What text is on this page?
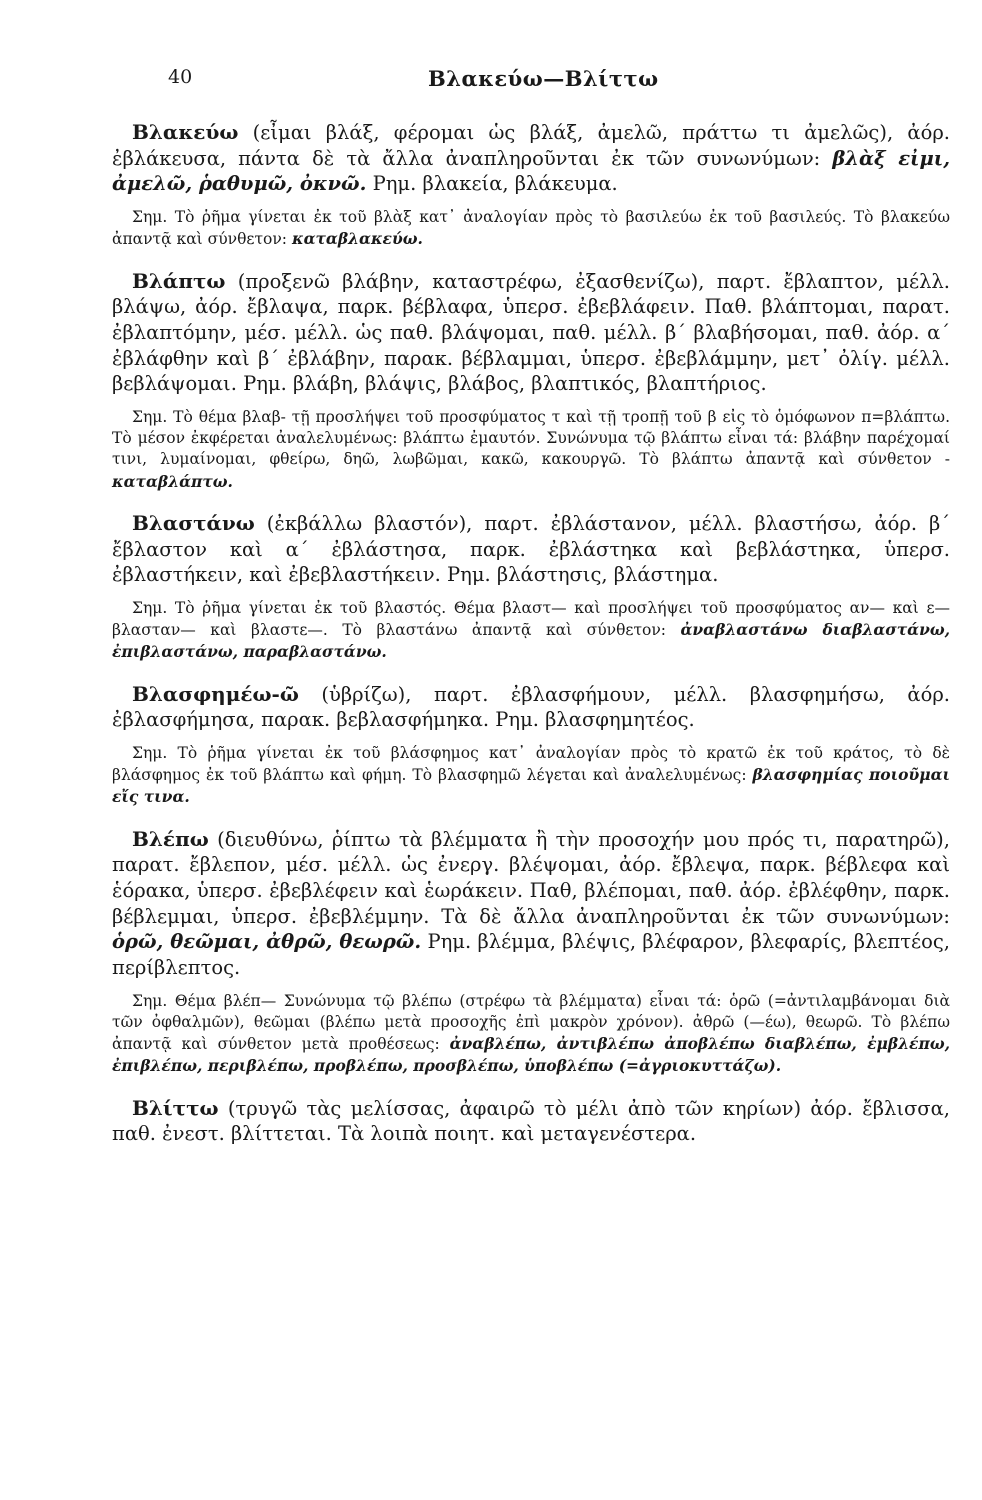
40	Βλακεύω—Βλίττω

Βλακεύω (εἶμαι βλάξ, φέρομαι ὡς βλάξ, ἀμελῶ, πράττω τι ἀμελῶς), ἀόρ. ἐβλάκευσα, πάντα δὲ τὰ ἄλλα ἀναπληροῦνται ἐκ τῶν συνωνύμων: βλὰξ εἰμι, ἀμελῶ, ῥαθυμῶ, ὀκνῶ. Ρημ. βλακεία, βλάκευμα.

Σημ. Τὸ ῥῆμα γίνεται ἐκ τοῦ βλὰξ κατ᾽ ἀναλογίαν πρὸς τὸ βασιλεύω ἐκ τοῦ βασιλεύς. Τὸ βλακεύω ἀπαντᾷ καὶ σύνθετον: καταβλακεύω.

Βλάπτω (προξενῶ βλάβην, καταστρέφω, ἐξασθενίζω), παρτ. ἔβλαπτον, μέλλ. βλάψω, ἀόρ. ἔβλαψα, παρκ. βέβλαφα, ὑπερσ. ἐβεβλάφειν. Παθ. βλάπτομαι, παρατ. ἐβλαπτόμην, μέσ. μέλλ. ὡς παθ. βλάψομαι, παθ. μέλλ. β´ βλαβήσομαι, παθ. ἀόρ. α´ ἐβλάφθην καὶ β´ ἐβλάβην, παρακ. βέβλαμμαι, ὑπερσ. ἐβεβλάμμην, μετ᾽ ὀλίγ. μέλλ. βεβλάψομαι. Ρημ. βλάβη, βλάψις, βλάβος, βλαπτικός, βλαπτήριος.

Σημ. Τὸ θέμα βλαβ- τῇ προσλήψει τοῦ προσφύματος τ καὶ τῇ τροπῇ τοῦ β εἰς τὸ ὁμόφωνον π=βλάπτω. Τὸ μέσον ἐκφέρεται ἀναλελυμένως: βλάπτω ἐμαυτόν. Συνώνυμα τῷ βλάπτω εἶναι τά: βλάβην παρέχομαί τινι, λυμαίνομαι, φθείρω, δηῶ, λωβῶμαι, κακῶ, κακουργῶ. Τὸ βλάπτω ἀπαντᾷ καὶ σύνθετον - καταβλάπτω.

Βλαστάνω (ἐκβάλλω βλαστόν), παρτ. ἐβλάστανον, μέλλ. βλαστήσω, ἀόρ. β´ ἔβλαστον καὶ α´ ἐβλάστησα, παρκ. ἐβλάστηκα καὶ βεβλάστηκα, ὑπερσ. ἐβλαστήκειν, καὶ ἐβεβλαστήκειν. Ρημ. βλάστησις, βλάστημα.

Σημ. Τὸ ῥῆμα γίνεται ἐκ τοῦ βλαστός. Θέμα βλαστ— καὶ προσλήψει τοῦ προσφύματος αν— καὶ ε— βλασταν— καὶ βλαστε—. Τὸ βλαστάνω ἀπαντᾷ καὶ σύνθετον: ἀναβλαστάνω διαβλαστάνω, ἐπιβλαστάνω, παραβλαστάνω.

Βλασφημέω-ῶ (ὑβρίζω), παρτ. ἐβλασφήμουν, μέλλ. βλασφημήσω, ἀόρ. ἐβλασφήμησα, παρακ. βεβλασφήμηκα. Ρημ. βλασφημητέος.

Σημ. Τὸ ῥῆμα γίνεται ἐκ τοῦ βλάσφημος κατ᾽ ἀναλογίαν πρὸς τὸ κρατῶ ἐκ τοῦ κράτος, τὸ δὲ βλάσφημος ἐκ τοῦ βλάπτω καὶ φήμη. Τὸ βλασφημῶ λέγεται καὶ ἀναλελυμένως: βλασφημίας ποιοῦμαι εἴς τινα.

Βλέπω (διευθύνω, ῥίπτω τὰ βλέμματα ἢ τὴν προσοχήν μου πρός τι, παρατηρῶ), παρατ. ἔβλεπον, μέσ. μέλλ. ὡς ἐνεργ. βλέψομαι, ἀόρ. ἔβλεψα, παρκ. βέβλεφα καὶ ἑόρακα, ὑπερσ. ἐβεβλέφειν καὶ ἑωράκειν. Παθ, βλέπομαι, παθ. ἀόρ. ἐβλέφθην, παρκ. βέβλεμμαι, ὑπερσ. ἐβεβλέμμην. Τὰ δὲ ἄλλα ἀναπληροῦνται ἐκ τῶν συνωνύμων: ὁρῶ, θεῶμαι, ἀθρῶ, θεωρῶ. Ρημ. βλέμμα, βλέψις, βλέφαρον, βλεφαρίς, βλεπτέος, περίβλεπτος.

Σημ. Θέμα βλέπ— Συνώνυμα τῷ βλέπω (στρέφω τὰ βλέμματα) εἶναι τά: ὁρῶ (=ἀντιλαμβάνομαι διὰ τῶν ὀφθαλμῶν), θεῶμαι (βλέπω μετὰ προσοχῆς ἐπὶ μακρὸν χρόνον). ἀθρῶ (—έω), θεωρῶ. Τὸ βλέπω ἀπαντᾷ καὶ σύνθετον μετὰ προθέσεως: ἀναβλέπω, ἀντιβλέπω ἀποβλέπω διαβλέπω, ἐμβλέπω, ἐπιβλέπω, περιβλέπω, προβλέπω, προσβλέπω, ὑποβλέπω (=ἀγριοκυττάζω).

Βλίττω (τρυγῶ τὰς μελίσσας, ἀφαιρῶ τὸ μέλι ἀπὸ τῶν κηρίων) ἀόρ. ἔβλισσα, παθ. ἐνεστ. βλίττεται. Τὰ λοιπὰ ποιητ. καὶ μεταγενέστερα.
